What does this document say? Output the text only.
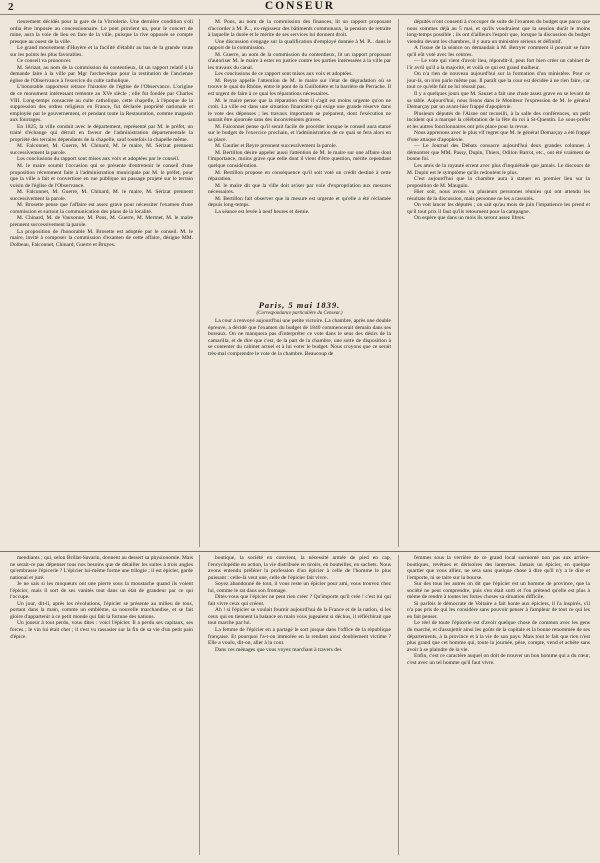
2	CONSEUR

rieurement décidés pour la gare de la Vitriolerie. Une dernière condition s'oli ordia être imposée au concessionnaire. Le pont provient un, pour le concert de mine, aura la voie de lieu en face de la ville, puisque la rive opposée se compte presque au ouest de la ville.

Le grand mouvement d'Huyère et la facilité d'établir au bas de la grande route sur les points les plus favorables.

Ce conseil va prononcer.

M. Sérizat, au nom de la commission du contentieux, lit un rapport relatif à la demande faite à la ville par Mgr l'archevêque pour la restitution de l'ancienne église de l'Observance à l'exercice du culte catholique.

L'honorable rapporteur retrace l'histoire de l'église de l'Observance. L'origine de ce monument intéressant remonte au XVe siècle ; elle fut fondée par Charles VIII. Long-temps consacrée au culte catholique, cette chapelle, à l'époque de la suppression des ordres religieux en France, fut déclarée propriété nationale et employée par le gouvernement, et pendant toute la Restauration, comme magasin aux fourrages.

En 1825, la ville conduit avec le département, représenté par M. le préfet, un traité d'échange qui détruit en faveur de l'administration départementale la propriété des terrains dépendants de la chapelle, sauf toutefois la chapelle même.

M. Falconnet, M. Guerre, M. Chinard, M. le maire, M. Sérizat prennent successivement la parole.

Les conclusions du rapport sont mises aux voix et adoptées par le conseil.

M. le maire soumit l'occasion qui se présente d'entretenir le conseil d'une proposition récemment faite à l'administration municipale par M. le préfet, pour que la ville a fait et convertisse en rue publique un passage projeté sur le terrain voisin de l'église de l'Observance.

M. Falconnet, M. Guerre, M. Chinard, M. le maire, M. Sérizat prennent successivement la parole.

M. Brosette pense que l'affaire est assez grave pour nécessiter l'examen d'une commission et surtout la communication des plans de la localité.

M. Chinard, M. de Vauxonne, M. Pons, M. Guerre, M. Mermet, M. le maire prennent successivement la parole.

La proposition de l'honorable M. Brosette est adoptée par le conseil. M. le maire, invité à composer la commission d'examen de cette affaire, désigne MM. Dolbeau, Falconnet, Chinard, Guerre et Bruyes.

M. Pons, au nom de la commission des finances, lit un rapport proposant d'accorder à M. P..., ex-régisseur des bâtiments communaux, la pension de retraite à laquelle la durée et le mérite de ses services lui donnent droit.

Une discussion s'engage sur la qualification d'employé donnée à M. P... dans le rapport de la commission.

M. Guerre, au nom de la commission du contentieux, lit un rapport proposant d'autoriser M. le maire à ester en justice contre les parties intéressées à la ville par les travaux du canal.

Les conclusions de ce rapport sont mises aux voix et adoptées.

M. Reyre appelle l'attention de M. le maire sur l'état de dégradation où se trouve le quai du Rhône, entre le pont de la Guillotière et la barrière de Perrache. Il est urgent de faire à ce quai les réparations nécessaires.

M. le maire pense que la réparation dont il s'agit est moins urgente qu'on ne croit. La ville est dans une situation financière qui exige une grande réserve dans le vote des dépenses ; les travaux importants se préparent, dont l'exécution ne saurait être ajournée sans des inconvénients graves.

M. Falconnet pense qu'il serait facile de procéder lorsque le conseil aura statué sur le budget de l'exercice prochain, et l'administration de ce quai se fera alors en sa place.

M. Gautier et Reyre prennent successivement la parole.

M. Bertillon désire appeler aussi l'attention de M. le maire sur une affaire dont l'importance, moins grave que celle dont il vient d'être question, mérite cependant quelque considération.

M. Bertillon propose en conséquence qu'il soit voté un crédit destiné à cette réparation.

M. le maire dit que la ville doit aviser par voie d'expropriation aux mesures nécessaires.

M. Bertillon fait observer que la mesure est urgente et qu'elle a été réclamée depuis long-temps.

La séance est levée à neuf heures et demie.

Paris, 5 mai 1839.
(Correspondance particulière du Censeur.)

La cour a renvoyé aujourd'hui une petite victoire. La chambre, après une double épreuve, a décidé que l'examen du budget de 1840 commencerait demain dans ses bureaux. On ne manquera pas d'interpréter ce vote dans le sens des désirs de la camarilla, et de dire que c'est, de la part de la chambre, une sorte de disposition à se contenter du cabinet actuel et à lui voter le budget. Nous croyons que ce serait très-mal comprendre le vote de la chambre. Beaucoup de

députés n'ont consenti à s'occuper de suite de l'examen du budget que parce que nous sommes déjà au 5 mai, et qu'ils voudraient que la session durât le moins long-temps possible ; ils ont d'ailleurs l'espoir que, lorsque la discussion du budget viendra devant les chambres, il y aura un ministère sérieux et définitif.

A l'issue de la séance on demandait à M. Berryer comment il pouvait se faire qu'il eût voté avec les centres.

— Le vote qui vient d'avoir lieu, répondit-il, peut fort bien créer un cabinet de l'ir avril qu'il a la majorité, et voilà ce qui est grand malheur.

On n'a rien de nouveau aujourd'hui sur la formation d'un ministère. Pour ce jour-là, on n'en parle même pas. Il paraît que la cour est décidée à ne rien faire, car tout ce qu'elle fait ne lui réussit pas.

Il y a quelques jours que M. Sauzet a fait une chute assez grave en se levant de sa table. Aujourd'hui, nous lisons dans le Moniteur l'expression de M. le général Demarçay par un avant-hier frappé d'apoplexie.

Plusieurs députés de l'Aisne ont recueilli, à la salle des conférences, un petit incident qui a marqué la célébration de la fête du roi à St-Quentin. Le sous-préfet et les autres fonctionnaires ont pris place pour la revue.

Nous apprenons avec le plus vif regret que M. le général Demarçay a été frappé d'une attaque d'apoplexie.

— Le Journal des Débats consacre aujourd'hui deux grandes colonnes à démontrer que MM. Passy, Dupin, Thiers, Odilon Barrot, etc., ont été vraiment de bonne foi.

Les amis de la royauté errent avec plus d'inquiétude que jamais. Le discours de M. Dupin est le symptôme qu'ils redoutent le plus.

C'est aujourd'hui que la chambre aura à statuer en premier lieu sur la proposition de M. Mauguin.

Hier soir, nous avons vu plusieurs personnes réunies qui ont attendu les résultats de la discussion, mais personne ne les a rassurés.

On voit lancer les députés ; on sait qu'au mois de juin l'impatience les prend et qu'il tout prix il faut qu'ils retournent pour la campagne.

On espère que dans un mois ils seront assez libres.

mendiants ; qui, selon Brillat-Savarin, donnent au dessert sa physionomie. Mais ne serait-ce pas dépenser tous nos besoins que de détailler les suites à trois angles qu'embrasse l'épicerie ? L'épicier lui-même forme une trilogie ; il est épicier, garde national et juré.

Je ne sais si les moqueurs ont une pierre sous la moustache quand ils voient l'épicier, mais il sort de ses vanités tout dans un état de grandeur par ce qui l'occupe.

Un jour, dit-il, après les révolutions, l'épicier se présente au milieu de tous, portant dans la main, comme un emblème, sa nouvelle marchandise, et se fait gloire d'appartenir à ce petit monde qui fait la fortune des nations.

Un joueur à tout perdu, vous dites : voici l'épicier. Il a perdu ses capitaux, ses forces ; le vin lui était cher ; il s'est vu rassasier sur la fin de sa vie d'un petit pain d'épice.

boutique, la société en convient, la nécessité armée de pied en cap, l'encyclopédie en action, la vie distribuée en tiroirs, en bouteilles, en sachets. Nous avons entendu préférer la profession d'un épicier à celle de l'homme le plus puissant : celle-là veut une, celle de l'épicier fait vivre.

Soyez abandonné de tout, il vous reste un épicier pour ami, vous trouvez chez lui, comme le rat dans son fromage.

Dites-vous que l'épicier ne peut rien créer ? Qu'importe qu'il crée ! c'est lui qui fait vivre ceux qui créent.

Ah ! si l'épicier se voulait fournir aujourd'hui de la France et de la nation, si les ceux qui en tiennent la balance en main vous jugeaient si déchus, il réfléchirait que tout marche par lui.

La femme de l'épicier en a partagé le sort jusque dans l'office de la république française. Et pourquoi l'a-t-on immolée en la rendant ainsi doublement victime ? Elle a voulu, dit-on, aller à la cour.

Dans ces ménages que vous voyez marchant à travers des

femmes sous la verrière de ce grand local surmonté non pas aux arrière-boutiques, revêtues et dérisoires des lanternes. Jamais un épicier, en quelque quartier que vous alliez, ne sera sans quelque chose à dire qu'il n'y a le dire et l'emporte, ni se taire sur la bourse.

Sur des tous les autres on dit que l'épicier est un homme de province, que la société ne peut comprendre, puis s'en était sorti et l'on prétend qu'elle est plus à même de rendre à toutes les fortes choses sa situation difficile.

Si parfois le démocrate de Voltaire a fait honte aux épiciers, il l'a inspirés, s'il n'a pas pris de qui les considère sans pouvoir penser à l'ampleur de tout ce qui les en fait penser.

Le réel de toute l'épicerie est d'avoir quelque chose de commun avec les gens du marché, et d'assujettir ainsi les goûts de la capitale et la bonne renommée de ses départements, à la province et à la vie de son pays. Mais tout le fait que rien n'est plus grand que cet homme qui, toute la journée, pèse, compte, vend et achète sans avoir à se plaindre de la vie.

Enfin, c'est ce caractère auquel on doit de trouver un bon homme qui a du cœur, c'est avec un tel homme qu'il faut vivre.
